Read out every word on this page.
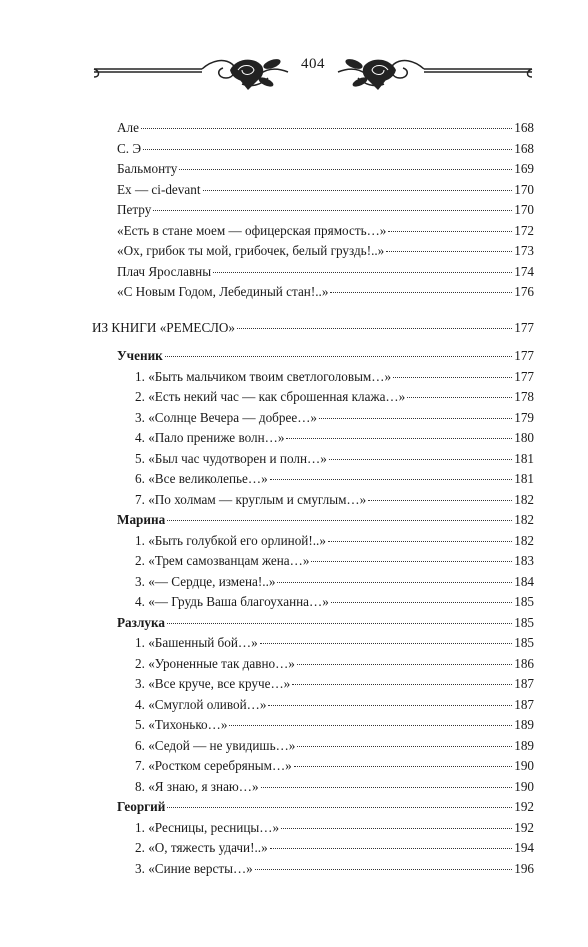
404
Але	168
С. Э	168
Бальмонту	169
Ex — ci-devant	170
Петру	170
«Есть в стане моем — офицерская прямость…»	172
«Ох, грибок ты мой, грибочек, белый груздь!..»	173
Плач Ярославны	174
«С Новым Годом, Лебединый стан!..»	176
ИЗ КНИГИ «РЕМЕСЛО»	177
Ученик	177
1. «Быть мальчиком твоим светлоголовым…»	177
2. «Есть некий час — как сброшенная клажа…»	178
3. «Солнце Вечера — добрее…»	179
4. «Пало прениже волн…»	180
5. «Был час чудотворен и полн…»	181
6. «Все великолепье…»	181
7. «По холмам — круглым и смуглым…»	182
Марина	182
1. «Быть голубкой его орлиной!..»	182
2. «Трем самозванцам жена…»	183
3. «— Сердце, измена!..»	184
4. «— Грудь Ваша благоуханна…»	185
Разлука	185
1. «Башенный бой…»	185
2. «Уроненные так давно…»	186
3. «Все круче, все круче…»	187
4. «Смуглой оливой…»	187
5. «Тихонько…»	189
6. «Седой — не увидишь…»	189
7. «Ростком серебряным…»	190
8. «Я знаю, я знаю…»	190
Георгий	192
1. «Ресницы, ресницы…»	192
2. «О, тяжесть удачи!..»	194
3. «Синие версты…»	196
